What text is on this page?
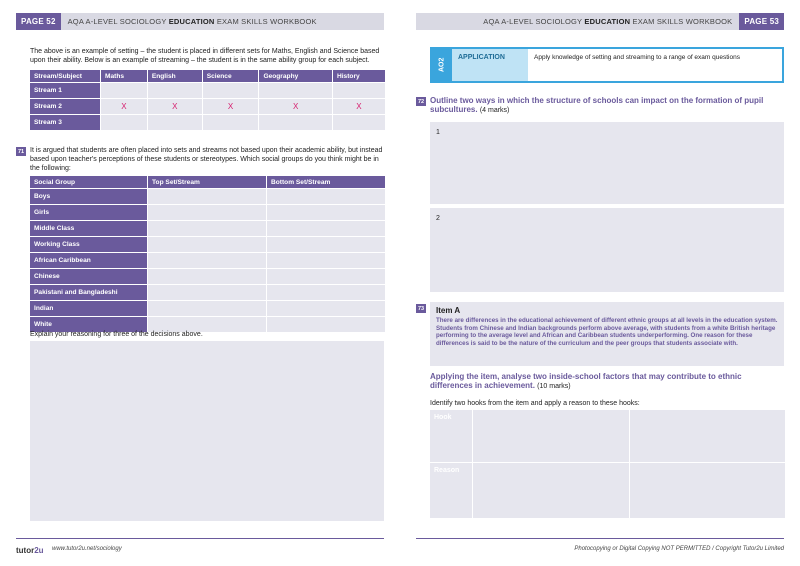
PAGE 52	AQA A-LEVEL SOCIOLOGY EDUCATION EXAM SKILLS WORKBOOK
The above is an example of setting – the student is placed in different sets for Maths, English and Science based upon their ability. Below is an example of streaming – the student is in the same ability group for each subject.
Stream/Subject	Maths	English	Science	Geography	History
Stream 1					
Stream 2	X	X	X	X	X
Stream 3					
71 It is argued that students are often placed into sets and streams not based upon their academic ability, but instead based upon teacher's perceptions of these students or stereotypes. Which social groups do you think might be in the following:
Social Group	Top Set/Stream	Bottom Set/Stream
Boys		
Girls		
Middle Class		
Working Class		
African Caribbean		
Chinese		
Pakistani and Bangladeshi		
Indian		
White		
Explain your reasoning for three of the decisions above.
tutor2u www.tutor2u.net/sociology
AQA A-LEVEL SOCIOLOGY EDUCATION EXAM SKILLS WORKBOOK	PAGE 53
AO2
APPLICATION	Apply knowledge of setting and streaming to a range of exam questions
72 Outline two ways in which the structure of schools can impact on the formation of pupil subcultures. (4 marks)
1
2
73 Item A
There are differences in the educational achievement of different ethnic groups at all levels in the education system. Students from Chinese and Indian backgrounds perform above average, with students from a white British heritage performing to the average level and African and Caribbean students underperforming. One reason for these differences is said to be the nature of the curriculum and the peer groups that students associate with.
Applying the item, analyse two inside-school factors that may contribute to ethnic differences in achievement. (10 marks)
Identify two hooks from the item and apply a reason to these hooks:
Hook		
Reason		
Photocopying or Digital Copying NOT PERMITTED / Copyright Tutor2u Limited
